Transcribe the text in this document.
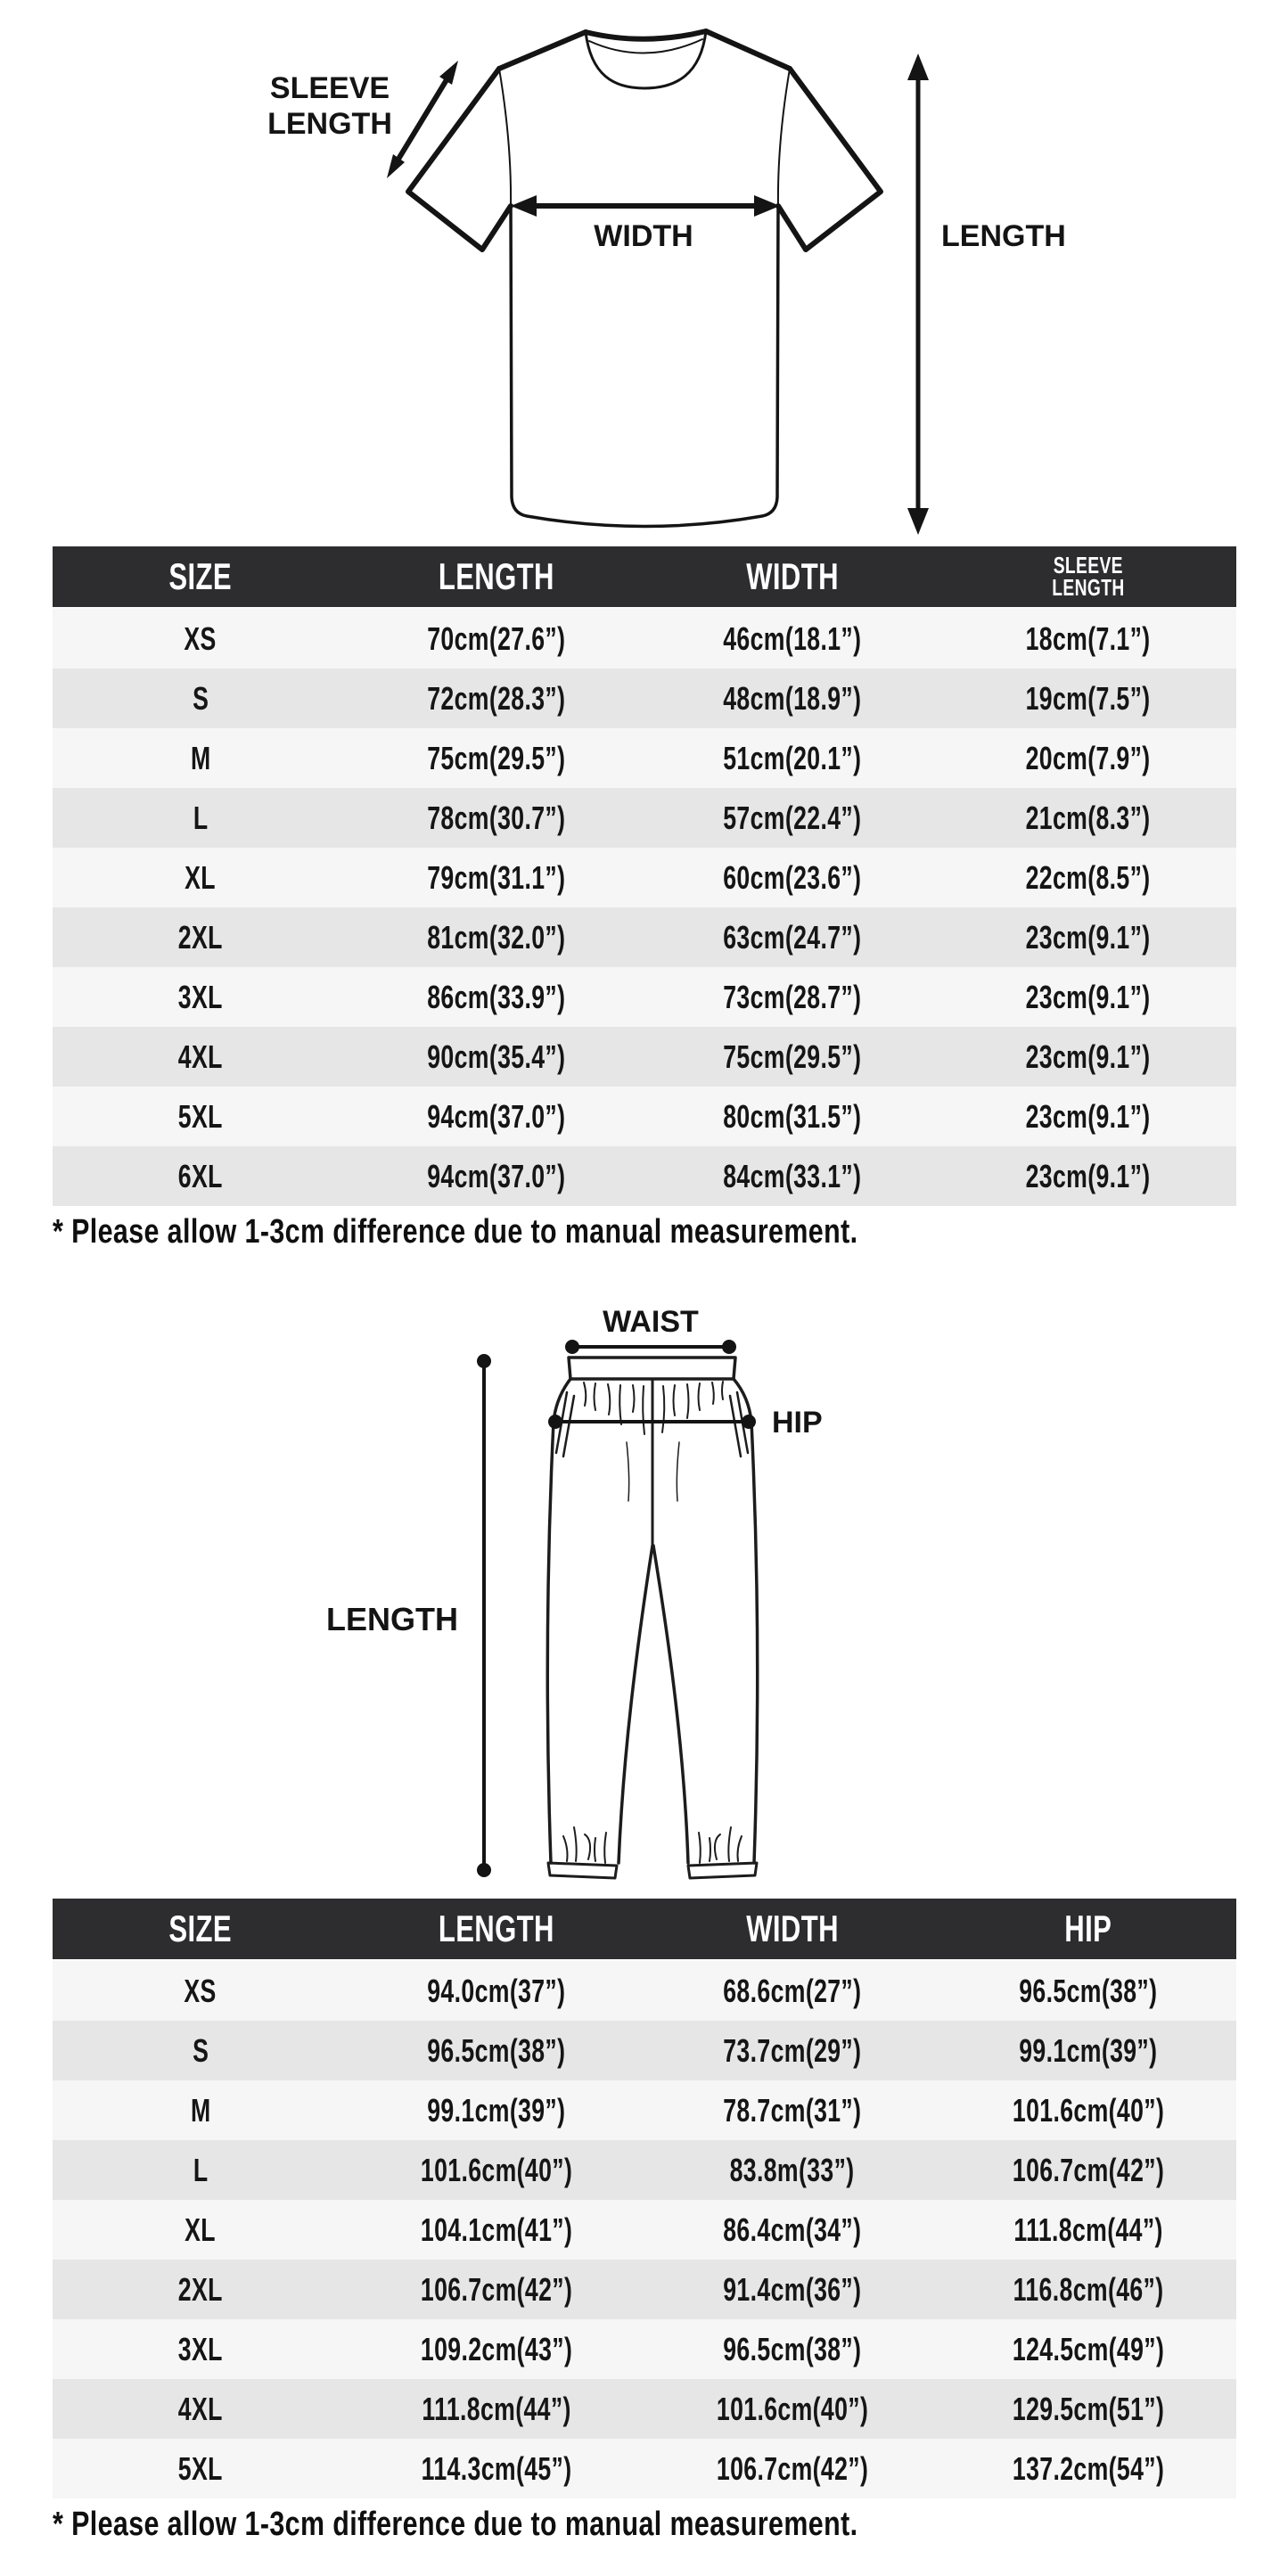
SLEEVE
LENGTH
WIDTH	LENGTH
SIZE	LENGTH	WIDTH	SLEEVE
LENGTH
XS	70cm(27.6”)	46cm(18.1”)	18cm(7.1”)
S	72cm(28.3”)	48cm(18.9”)	19cm(7.5”)
M	75cm(29.5”)	51cm(20.1”)	20cm(7.9”)
L	78cm(30.7”)	57cm(22.4”)	21cm(8.3”)
XL	79cm(31.1”)	60cm(23.6”)	22cm(8.5”)
2XL	81cm(32.0”)	63cm(24.7”)	23cm(9.1”)
3XL	86cm(33.9”)	73cm(28.7”)	23cm(9.1”)
4XL	90cm(35.4”)	75cm(29.5”)	23cm(9.1”)
5XL	94cm(37.0”)	80cm(31.5”)	23cm(9.1”)
6XL	94cm(37.0”)	84cm(33.1”)	23cm(9.1”)
* Please allow 1-3cm difference due to manual measurement.
WAIST
HIP
LENGTH
SIZE	LENGTH	WIDTH	HIP
XS	94.0cm(37”)	68.6cm(27”)	96.5cm(38”)
S	96.5cm(38”)	73.7cm(29”)	99.1cm(39”)
M	99.1cm(39”)	78.7cm(31”)	101.6cm(40”)
L	101.6cm(40”)	83.8m(33”)	106.7cm(42”)
XL	104.1cm(41”)	86.4cm(34”)	111.8cm(44”)
2XL	106.7cm(42”)	91.4cm(36”)	116.8cm(46”)
3XL	109.2cm(43”)	96.5cm(38”)	124.5cm(49”)
4XL	111.8cm(44”)	101.6cm(40”)	129.5cm(51”)
5XL	114.3cm(45”)	106.7cm(42”)	137.2cm(54”)
* Please allow 1-3cm difference due to manual measurement.
